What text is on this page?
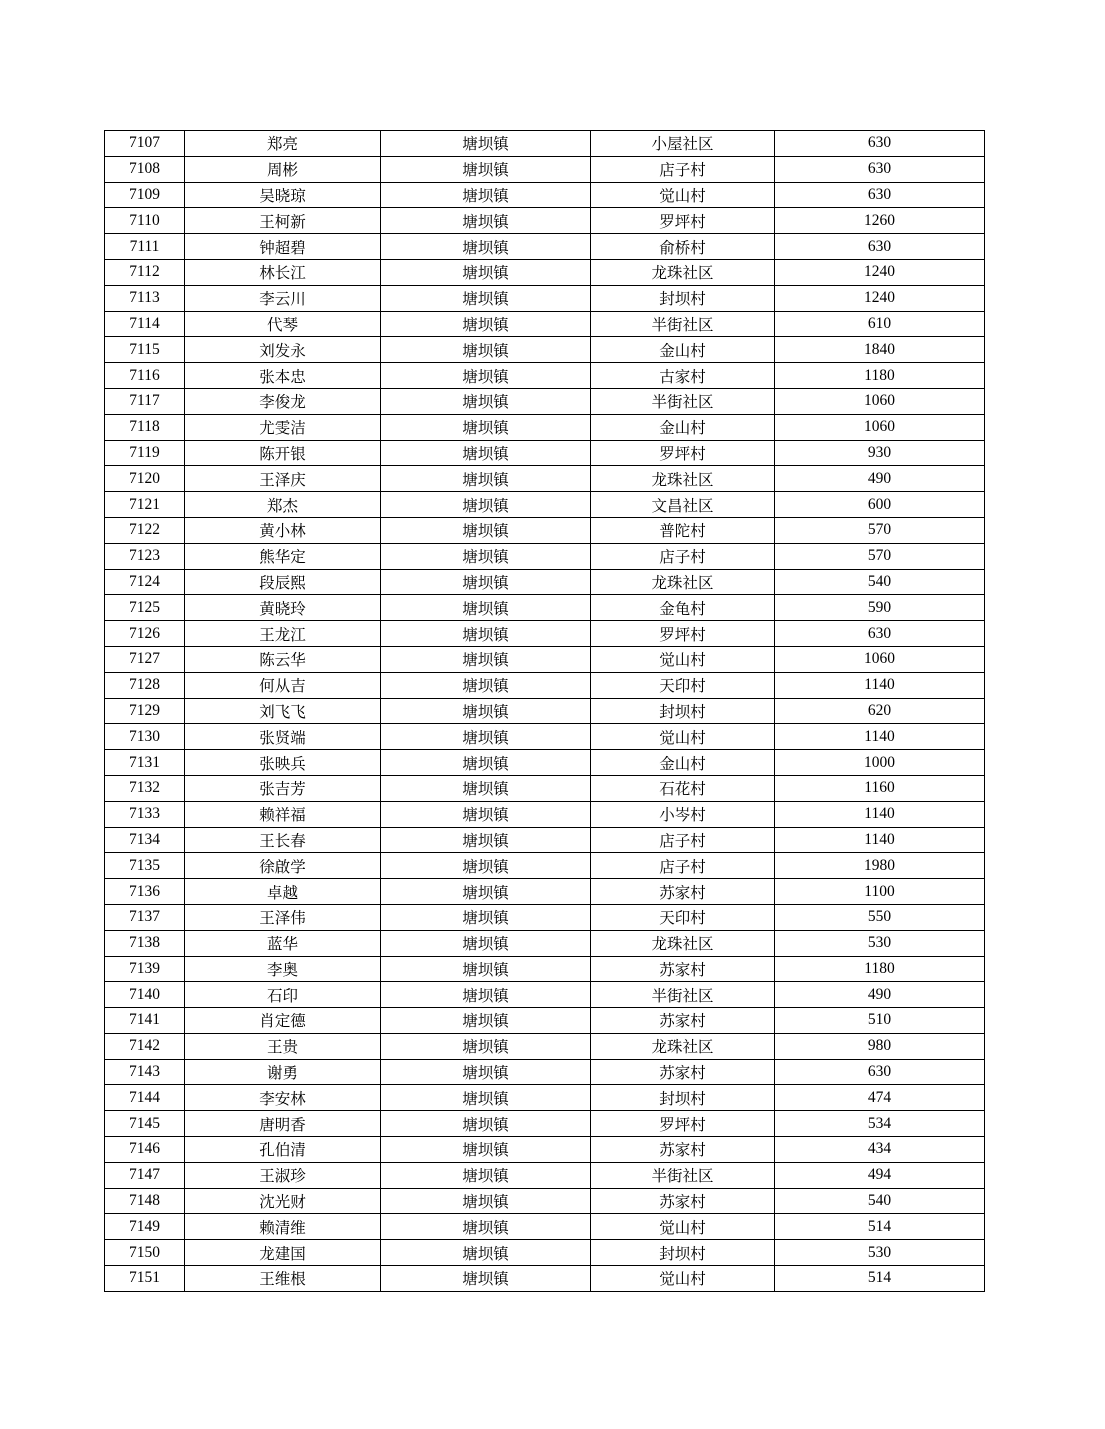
7107	郑亮	塘坝镇	小屋社区	630
7108	周彬	塘坝镇	店子村	630
7109	吴晓琼	塘坝镇	觉山村	630
7110	王柯新	塘坝镇	罗坪村	1260
7111	钟超碧	塘坝镇	俞桥村	630
7112	林长江	塘坝镇	龙珠社区	1240
7113	李云川	塘坝镇	封坝村	1240
7114	代琴	塘坝镇	半街社区	610
7115	刘发永	塘坝镇	金山村	1840
7116	张本忠	塘坝镇	古家村	1180
7117	李俊龙	塘坝镇	半街社区	1060
7118	尤雯洁	塘坝镇	金山村	1060
7119	陈开银	塘坝镇	罗坪村	930
7120	王泽庆	塘坝镇	龙珠社区	490
7121	郑杰	塘坝镇	文昌社区	600
7122	黄小林	塘坝镇	普陀村	570
7123	熊华定	塘坝镇	店子村	570
7124	段辰熙	塘坝镇	龙珠社区	540
7125	黄晓玲	塘坝镇	金龟村	590
7126	王龙江	塘坝镇	罗坪村	630
7127	陈云华	塘坝镇	觉山村	1060
7128	何从吉	塘坝镇	天印村	1140
7129	刘飞飞	塘坝镇	封坝村	620
7130	张贤端	塘坝镇	觉山村	1140
7131	张映兵	塘坝镇	金山村	1000
7132	张吉芳	塘坝镇	石花村	1160
7133	赖祥福	塘坝镇	小岑村	1140
7134	王长春	塘坝镇	店子村	1140
7135	徐啟学	塘坝镇	店子村	1980
7136	卓越	塘坝镇	苏家村	1100
7137	王泽伟	塘坝镇	天印村	550
7138	蓝华	塘坝镇	龙珠社区	530
7139	李奥	塘坝镇	苏家村	1180
7140	石印	塘坝镇	半街社区	490
7141	肖定德	塘坝镇	苏家村	510
7142	王贵	塘坝镇	龙珠社区	980
7143	谢勇	塘坝镇	苏家村	630
7144	李安林	塘坝镇	封坝村	474
7145	唐明香	塘坝镇	罗坪村	534
7146	孔伯清	塘坝镇	苏家村	434
7147	王淑珍	塘坝镇	半街社区	494
7148	沈光财	塘坝镇	苏家村	540
7149	赖清维	塘坝镇	觉山村	514
7150	龙建国	塘坝镇	封坝村	530
7151	王维根	塘坝镇	觉山村	514
